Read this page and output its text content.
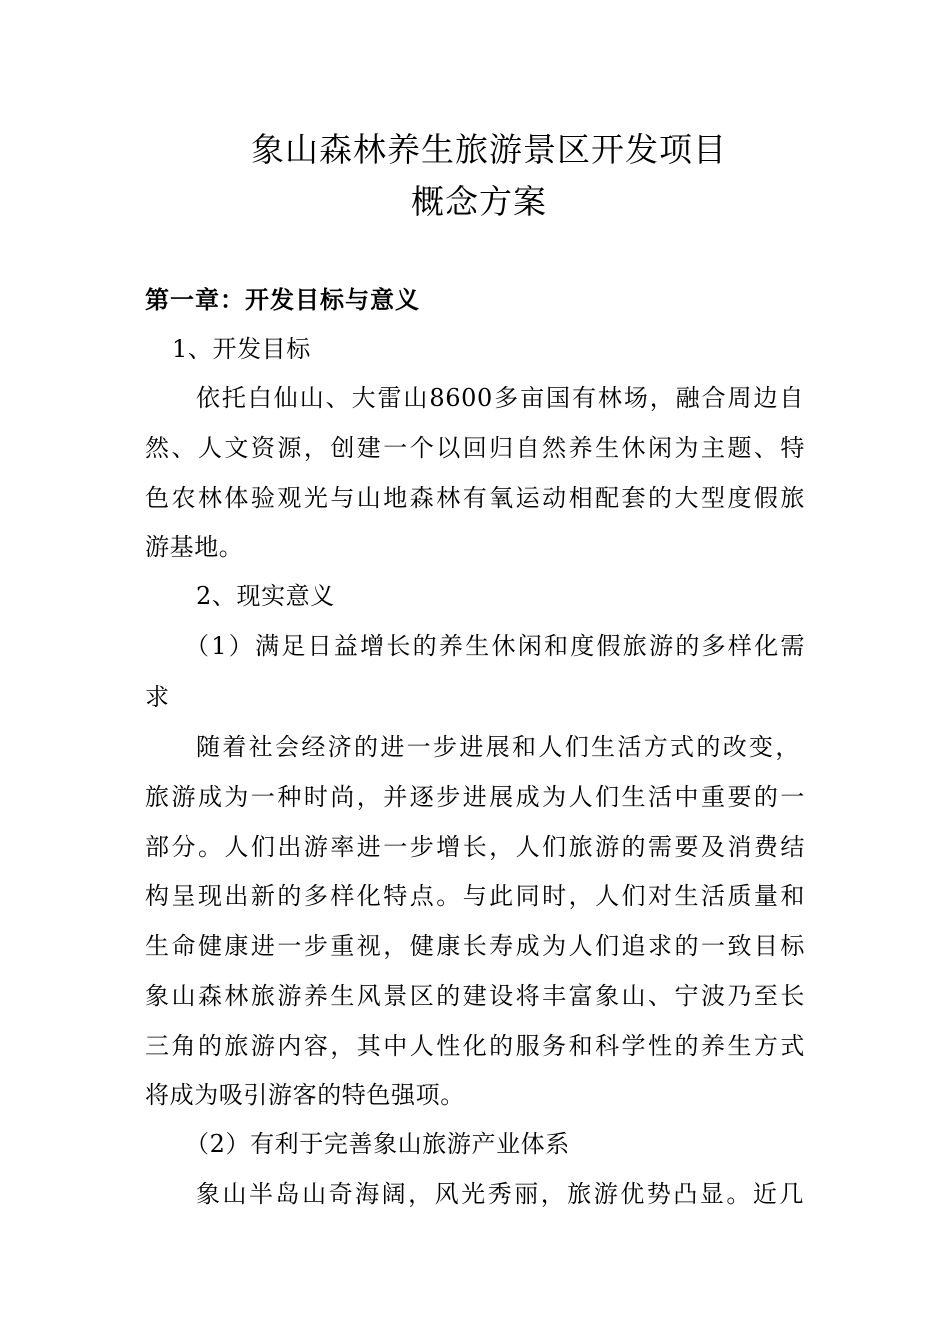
象山森林养生旅游景区开发项目
概念方案
第一章：开发目标与意义
1、开发目标
依托白仙山、大雷山8600多亩国有林场，融合周边自
然、人文资源，创建一个以回归自然养生休闲为主题、特
色农林体验观光与山地森林有氧运动相配套的大型度假旅
游基地。
2、现实意义
（1）满足日益增长的养生休闲和度假旅游的多样化需
求
随着社会经济的进一步进展和人们生活方式的改变，
旅游成为一种时尚，并逐步进展成为人们生活中重要的一
部分。人们出游率进一步增长，人们旅游的需要及消费结
构呈现出新的多样化特点。与此同时，人们对生活质量和
生命健康进一步重视，健康长寿成为人们追求的一致目标
象山森林旅游养生风景区的建设将丰富象山、宁波乃至长
三角的旅游内容，其中人性化的服务和科学性的养生方式
将成为吸引游客的特色强项。
（2）有利于完善象山旅游产业体系
象山半岛山奇海阔，风光秀丽，旅游优势凸显。近几
